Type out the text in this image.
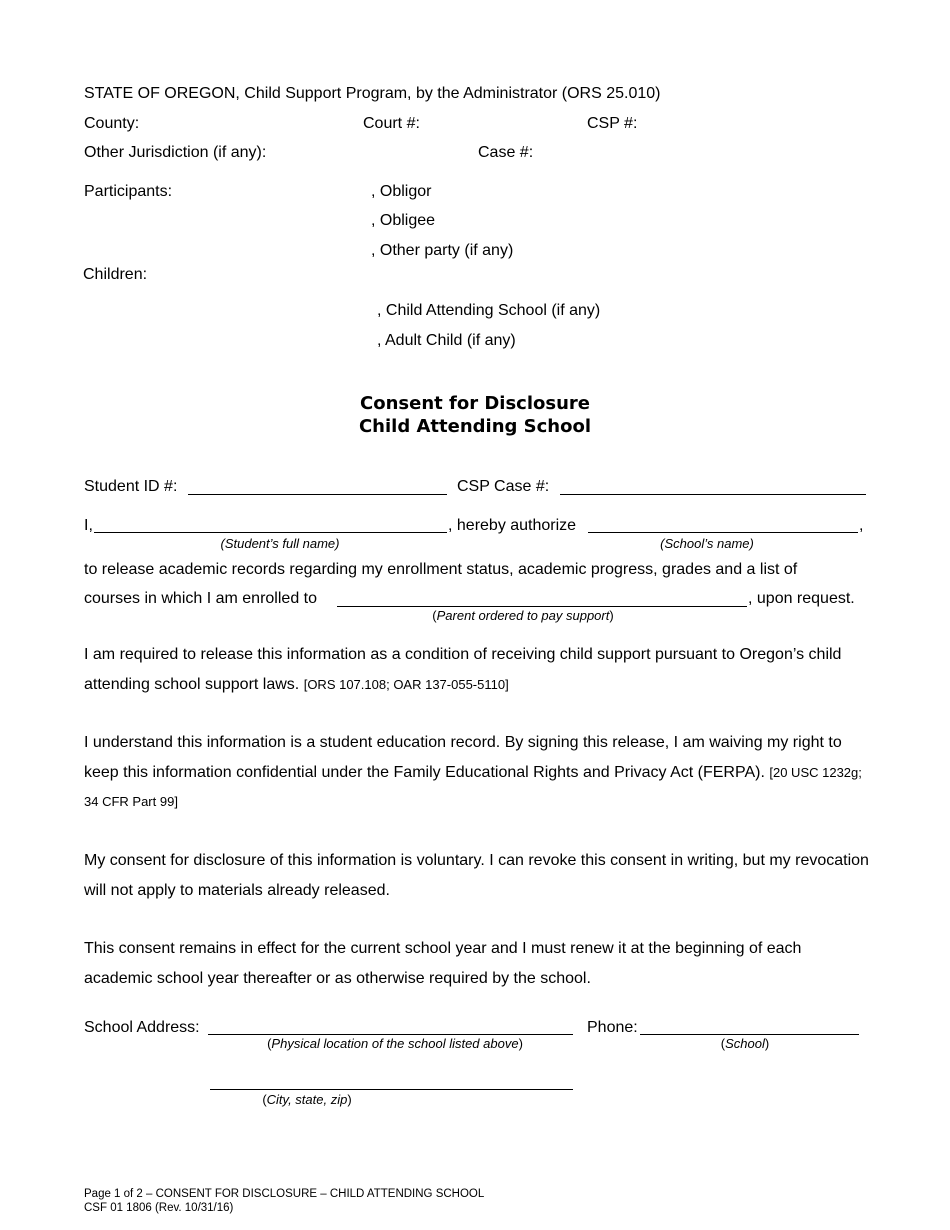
STATE OF OREGON, Child Support Program, by the Administrator (ORS 25.010)
County:	Court #:	CSP #:
Other Jurisdiction (if any):	Case #:
Participants:	, Obligor
, Obligee
, Other party (if any)
Children:
, Child Attending School (if any)
, Adult Child (if any)
Consent for Disclosure
Child Attending School
Student ID #:	CSP Case #:
I,	, hereby authorize	,
(Student’s full name)	(School’s name)
to release academic records regarding my enrollment status, academic progress, grades and a list of
courses in which I am enrolled to	, upon request.
(Parent ordered to pay support)
I am required to release this information as a condition of receiving child support pursuant to Oregon’s child attending school support laws. [ORS 107.108; OAR 137-055-5110]
I understand this information is a student education record. By signing this release, I am waiving my right to keep this information confidential under the Family Educational Rights and Privacy Act (FERPA). [20 USC 1232g; 34 CFR Part 99]
My consent for disclosure of this information is voluntary. I can revoke this consent in writing, but my revocation will not apply to materials already released.
This consent remains in effect for the current school year and I must renew it at the beginning of each academic school year thereafter or as otherwise required by the school.
School Address:	Phone:
(Physical location of the school listed above)	(School)
(City, state, zip)
Page 1 of 2 – CONSENT FOR DISCLOSURE – CHILD ATTENDING SCHOOL
CSF 01 1806 (Rev. 10/31/16)
